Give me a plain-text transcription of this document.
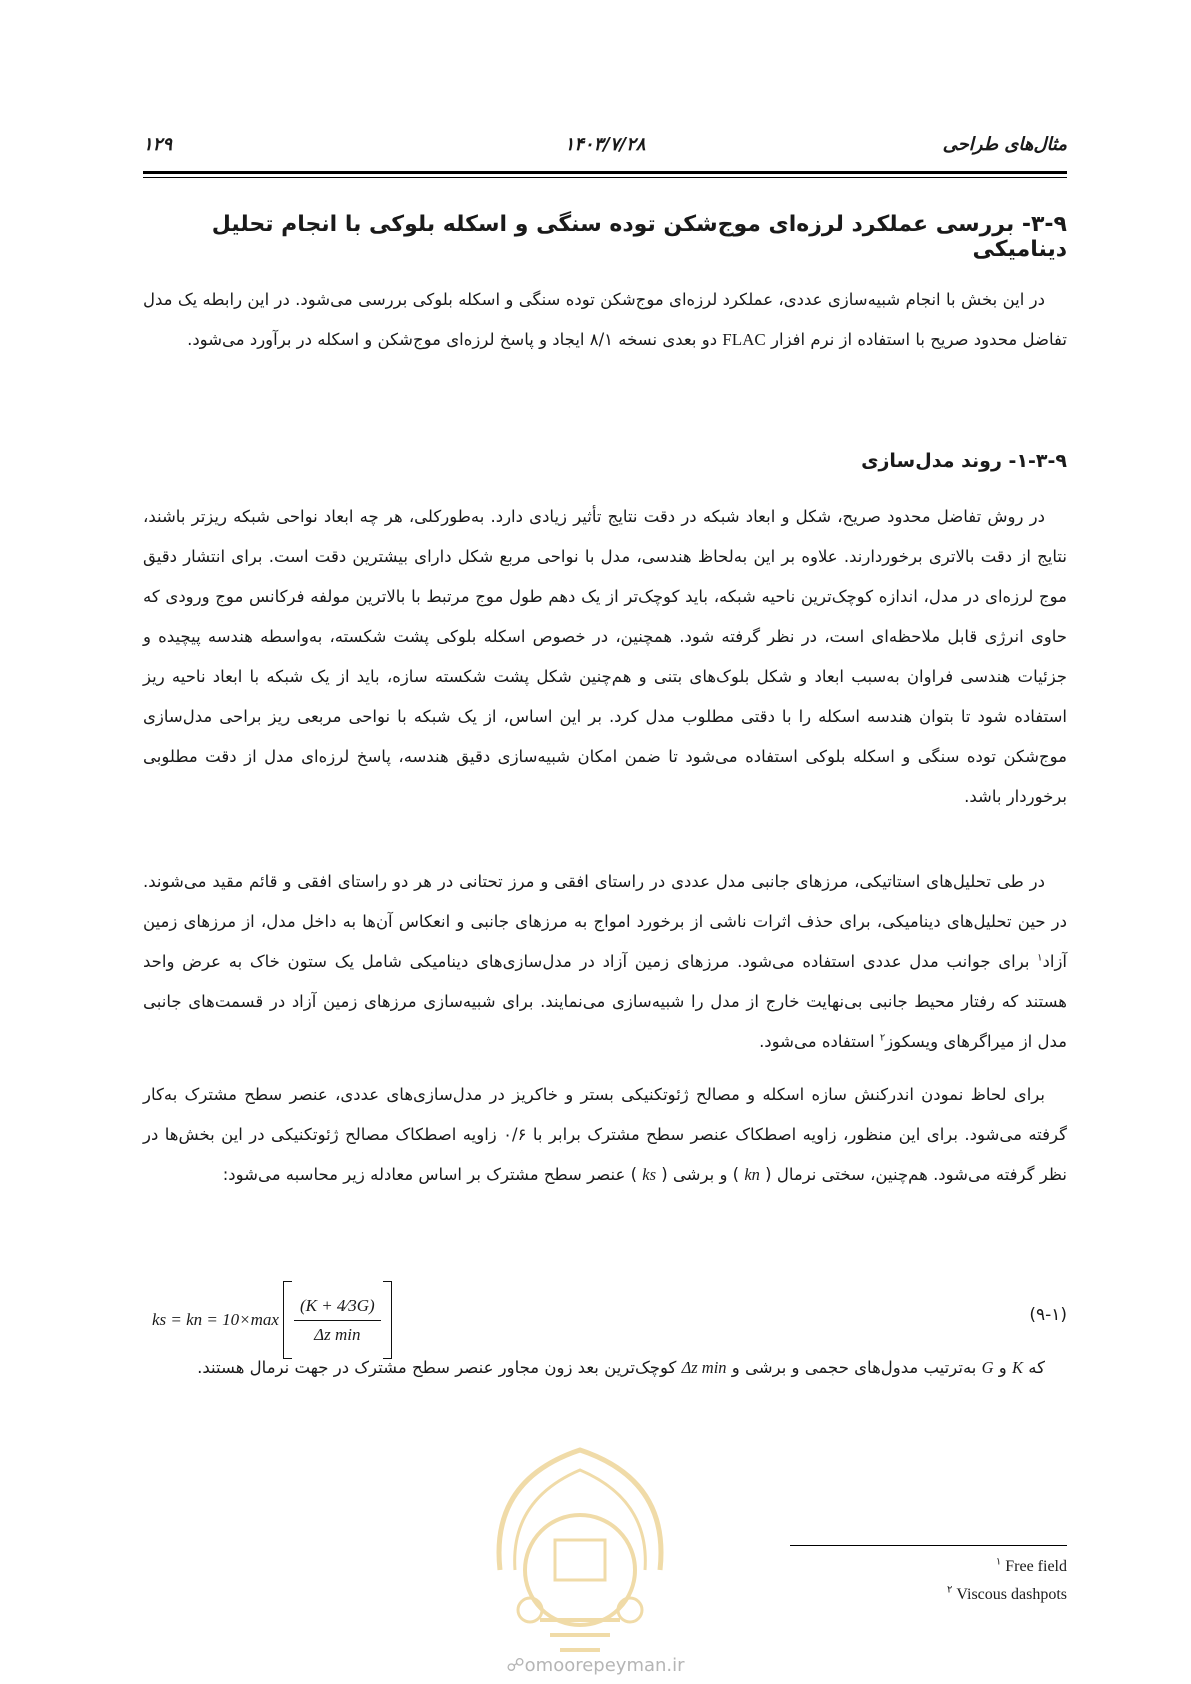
مثال‌های طراحی
۱۴۰۳/۷/۲۸
۱۲۹
۳-۹- بررسی عملکرد لرزه‌ای موج‌شکن توده سنگی و اسکله بلوکی با انجام تحلیل دینامیکی

در این بخش با انجام شبیه‌سازی عددی، عملکرد لرزه‌ای موج‌شکن توده سنگی و اسکله بلوکی بررسی می‌شود. در این رابطه یک مدل تفاضل محدود صریح با استفاده از نرم افزار FLAC دو بعدی نسخه ۸/۱ ایجاد و پاسخ لرزه‌ای موج‌شکن و اسکله در برآورد می‌شود.

۱-۳-۹- روند مدل‌سازی

در روش تفاضل محدود صریح، شکل و ابعاد شبکه در دقت نتایج تأثیر زیادی دارد. به‌طورکلی، هر چه ابعاد نواحی شبکه ریزتر باشند، نتایج از دقت بالاتری برخوردارند. علاوه بر این به‌لحاظ هندسی، مدل با نواحی مربع شکل دارای بیشترین دقت است. برای انتشار دقیق موج لرزه‌ای در مدل، اندازه کوچک‌ترین ناحیه شبکه، باید کوچک‌تر از یک دهم طول موج مرتبط با بالاترین مولفه فرکانس موج ورودی که حاوی انرژی قابل ملاحظه‌ای است، در نظر گرفته شود. همچنین، در خصوص اسکله بلوکی پشت شکسته، به‌واسطه هندسه پیچیده و جزئیات هندسی فراوان به‌سبب ابعاد و شکل بلوک‌های بتنی و هم‌چنین شکل پشت شکسته سازه، باید از یک شبکه با ابعاد ناحیه ریز استفاده شود تا بتوان هندسه اسکله را با دقتی مطلوب مدل کرد. بر این اساس، از یک شبکه با نواحی مربعی ریز براحی مدل‌سازی موج‌شکن توده سنگی و اسکله بلوکی استفاده می‌شود تا ضمن امکان شبیه‌سازی دقیق هندسه، پاسخ لرزه‌ای مدل از دقت مطلوبی برخوردار باشد.

در طی تحلیل‌های استاتیکی، مرزهای جانبی مدل عددی در راستای افقی و مرز تحتانی در هر دو راستای افقی و قائم مقید می‌شوند. در حین تحلیل‌های دینامیکی، برای حذف اثرات ناشی از برخورد امواج به مرزهای جانبی و انعکاس آن‌ها به داخل مدل، از مرزهای زمین آزاد$^۱$ برای جوانب مدل عددی استفاده می‌شود. مرزهای زمین آزاد در مدل‌سازی‌های دینامیکی شامل یک ستون خاک به عرض واحد هستند که رفتار محیط جانبی بی‌نهایت خارج از مدل را شبیه‌سازی می‌نمایند. برای شبیه‌سازی مرزهای زمین آزاد در قسمت‌های جانبی مدل از میراگرهای ویسکوز$^۲$ استفاده می‌شود.

برای لحاظ نمودن اندرکنش سازه اسکله و مصالح ژئوتکنیکی بستر و خاکریز در مدل‌سازی‌های عددی، عنصر سطح مشترک به‌کار گرفته می‌شود. برای این منظور، زاویه اصطکاک عنصر سطح مشترک برابر با ۰/۶ زاویه اصطکاک مصالح ژئوتکنیکی در این بخش‌ها در نظر گرفته می‌شود. هم‌چنین، سختی نرمال ( kn ) و برشی ( ks ) عنصر سطح مشترک بر اساس معادله زیر محاسبه می‌شود:

ks = kn = $10\times\max \frac{(K + 4⁄3G)}{\text{Δz min}}$	(۹-۱)

که K و G به‌ترتیب مدول‌های حجمی و برشی و Δz min کوچک‌ترین بعد زون مجاور عنصر سطح مشترک در جهت نرمال هستند.

$^۱$ Free field
$^۲$ Viscous dashpots
☍omoorepeyman.ir
